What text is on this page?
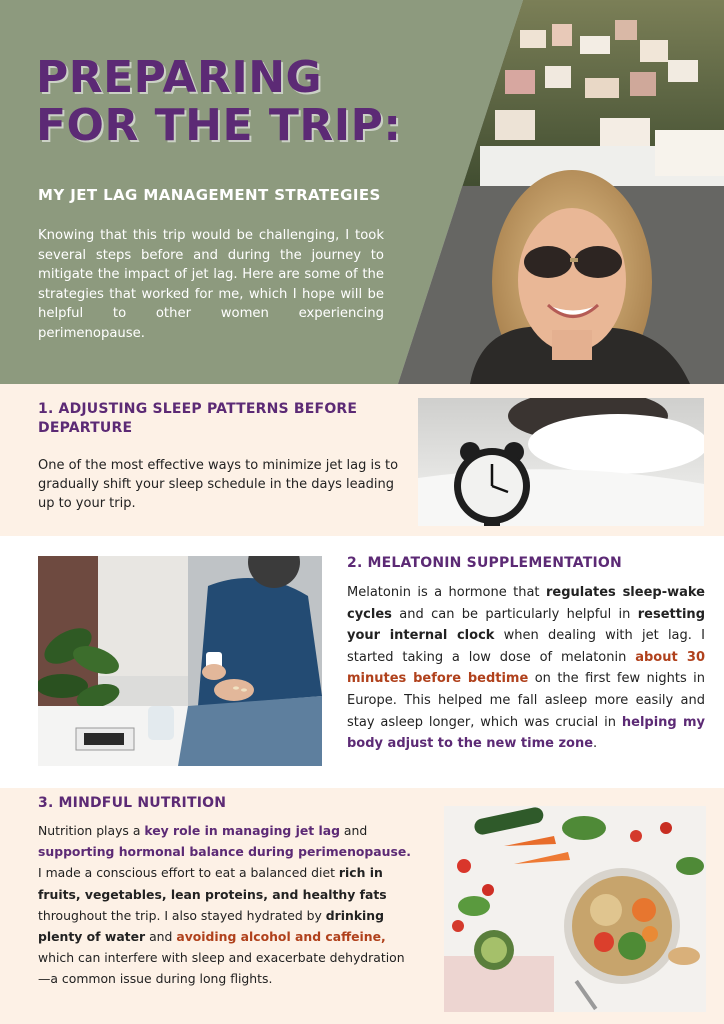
PREPARING
FOR THE TRIP:
MY JET LAG MANAGEMENT STRATEGIES

Knowing that this trip would be challenging, I took several steps before and during the journey to mitigate the impact of jet lag. Here are some of the strategies that worked for me, which I hope will be helpful to other women experiencing perimenopause.

1. ADJUSTING SLEEP PATTERNS BEFORE DEPARTURE

One of the most effective ways to minimize jet lag is to gradually shift your sleep schedule in the days leading up to your trip.

2. MELATONIN SUPPLEMENTATION

Melatonin is a hormone that regulates sleep-wake cycles and can be particularly helpful in resetting your internal clock when dealing with jet lag. I started taking a low dose of melatonin about 30 minutes before bedtime on the first few nights in Europe. This helped me fall asleep more easily and stay asleep longer, which was crucial in helping my body adjust to the new time zone.

3. MINDFUL NUTRITION

Nutrition plays a key role in managing jet lag and supporting hormonal balance during perimenopause. I made a conscious effort to eat a balanced diet rich in fruits, vegetables, lean proteins, and healthy fats throughout the trip. I also stayed hydrated by drinking plenty of water and avoiding alcohol and caffeine, which can interfere with sleep and exacerbate dehydration—a common issue during long flights.
